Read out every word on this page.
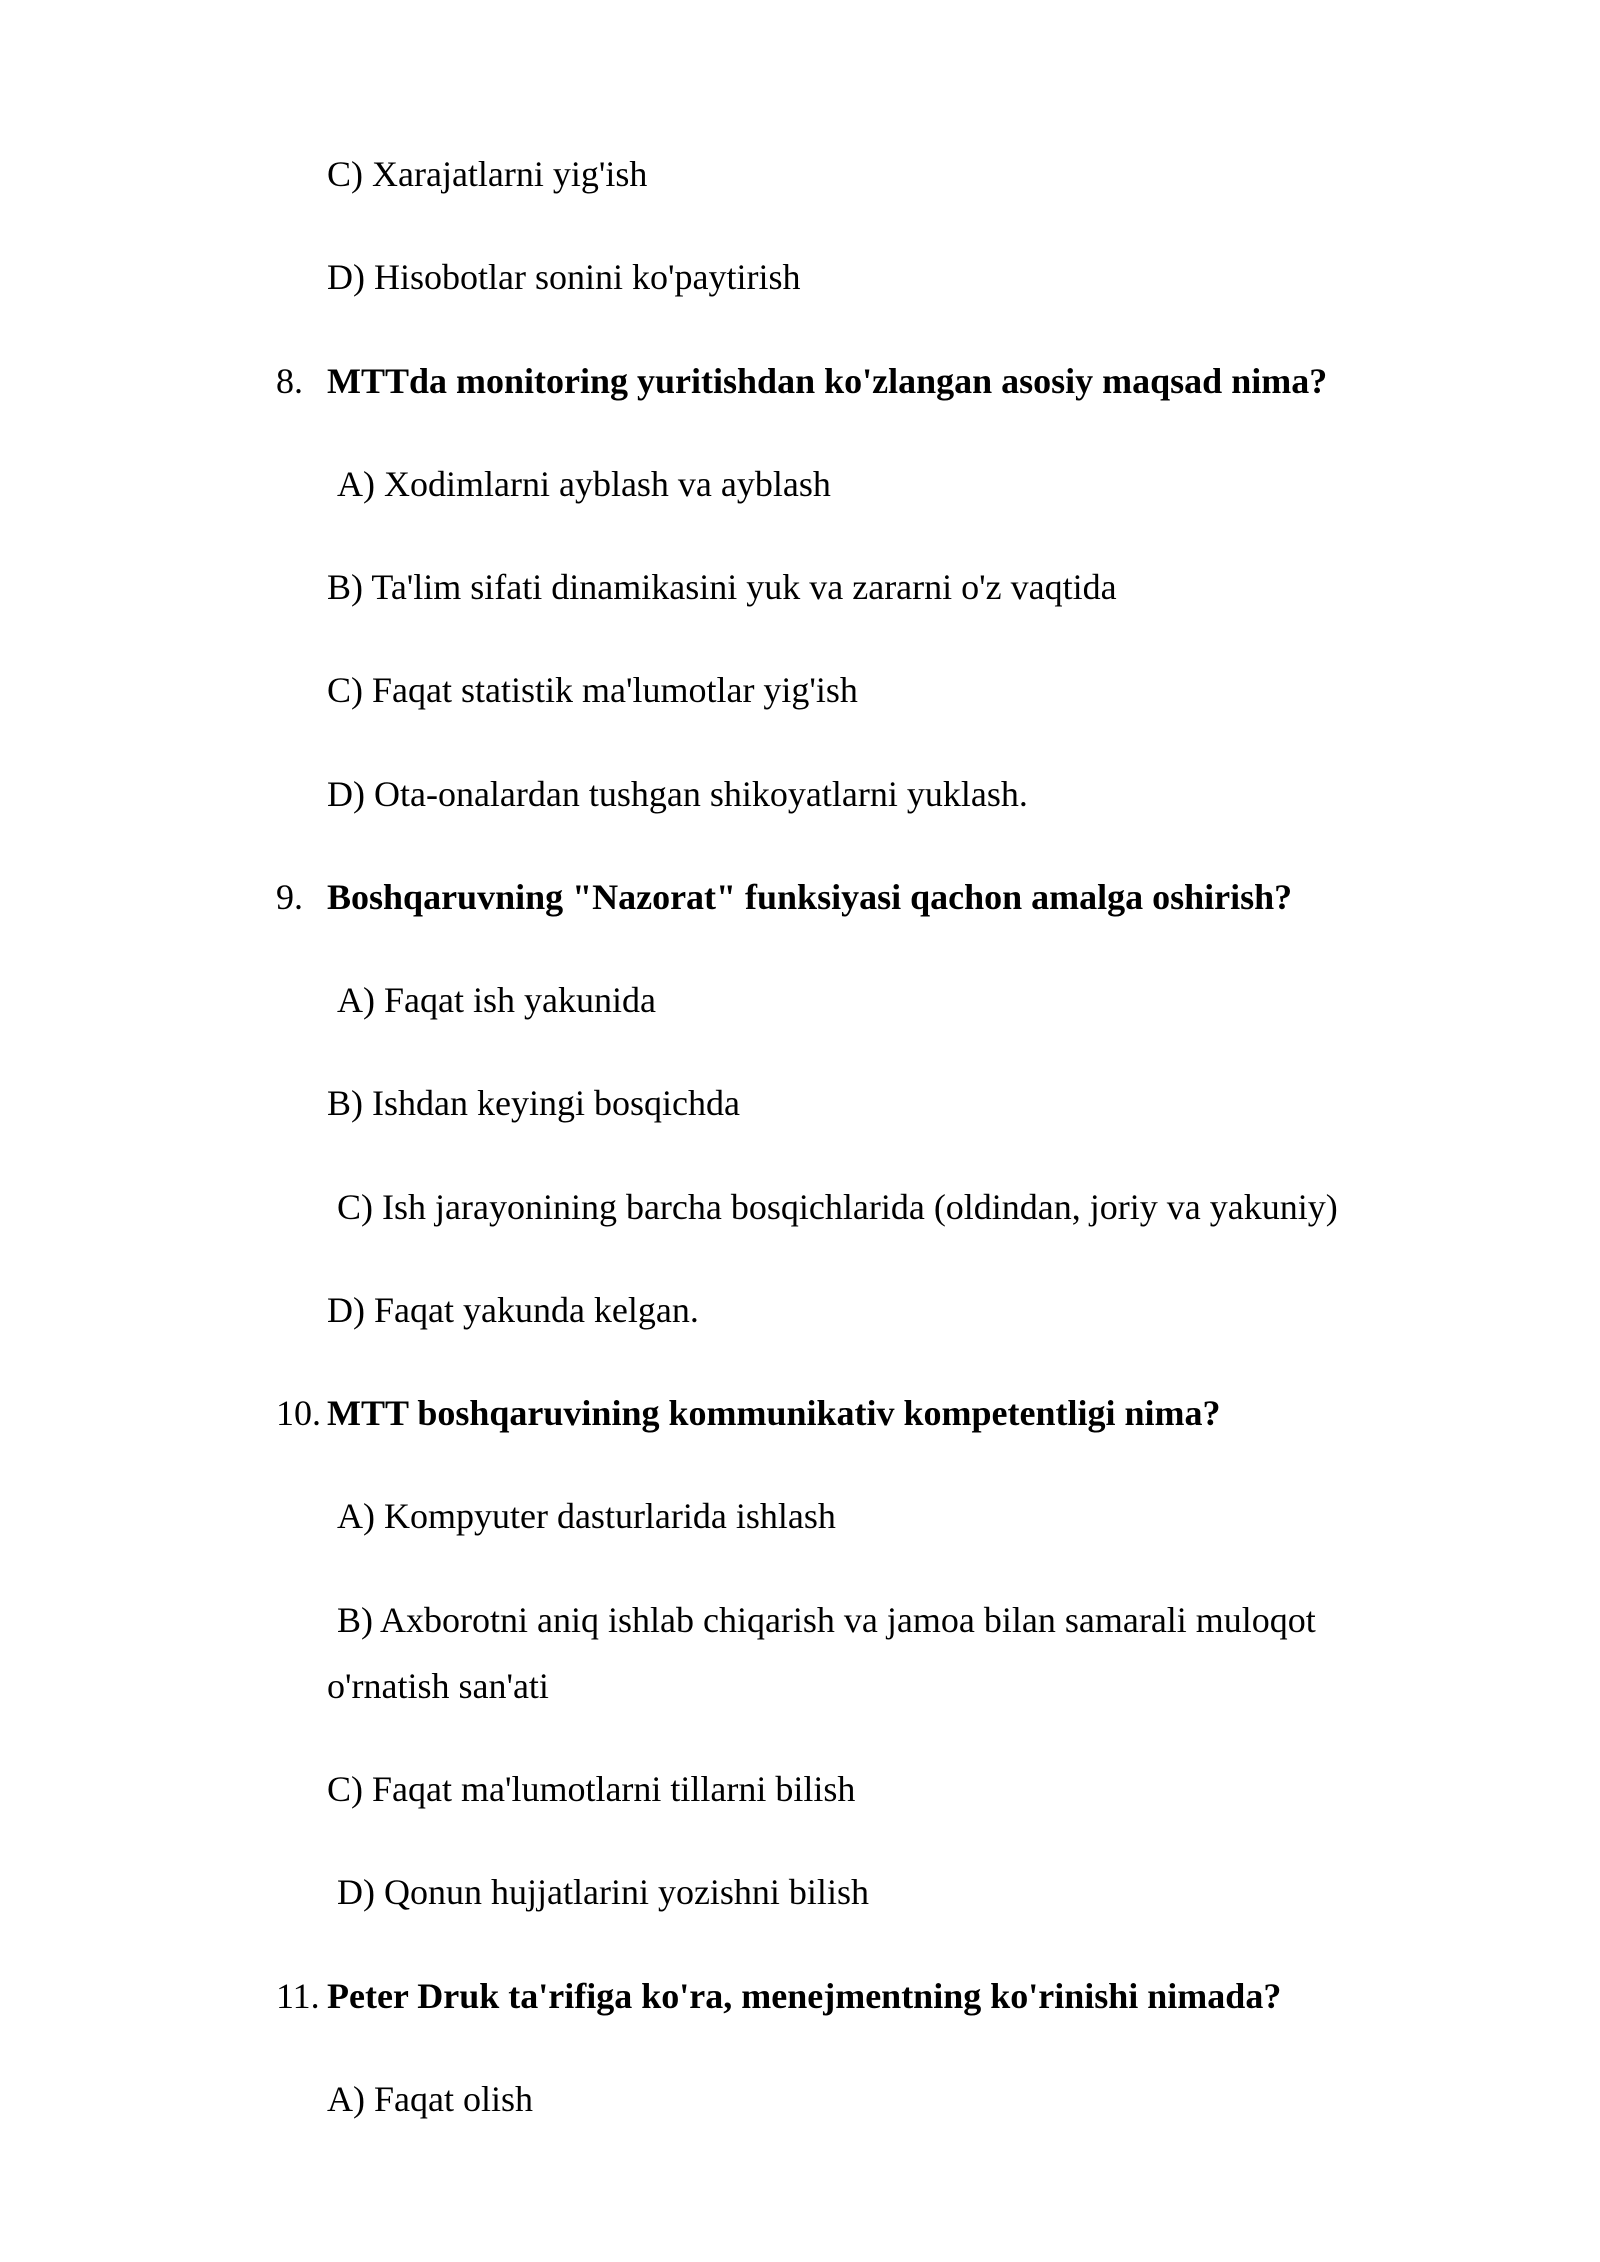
C) Xarajatlarni yig'ish
D) Hisobotlar sonini ko'paytirish
8. MTTda monitoring yuritishdan ko'zlangan asosiy maqsad nima?
A) Xodimlarni ayblash va ayblash
B) Ta'lim sifati dinamikasini yuk va zararni o'z vaqtida
C) Faqat statistik ma'lumotlar yig'ish
D) Ota-onalardan tushgan shikoyatlarni yuklash.
9. Boshqaruvning "Nazorat" funksiyasi qachon amalga oshirish?
A) Faqat ish yakunida
B) Ishdan keyingi bosqichda
C) Ish jarayonining barcha bosqichlarida (oldindan, joriy va yakuniy)
D) Faqat yakunda kelgan.
10. MTT boshqaruvining kommunikativ kompetentligi nima?
A) Kompyuter dasturlarida ishlash
B) Axborotni aniq ishlab chiqarish va jamoa bilan samarali muloqot
o'rnatish san'ati
C) Faqat ma'lumotlarni tillarni bilish
D) Qonun hujjatlarini yozishni bilish
11. Peter Druk ta'rifiga ko'ra, menejmentning ko'rinishi nimada?
A) Faqat olish
